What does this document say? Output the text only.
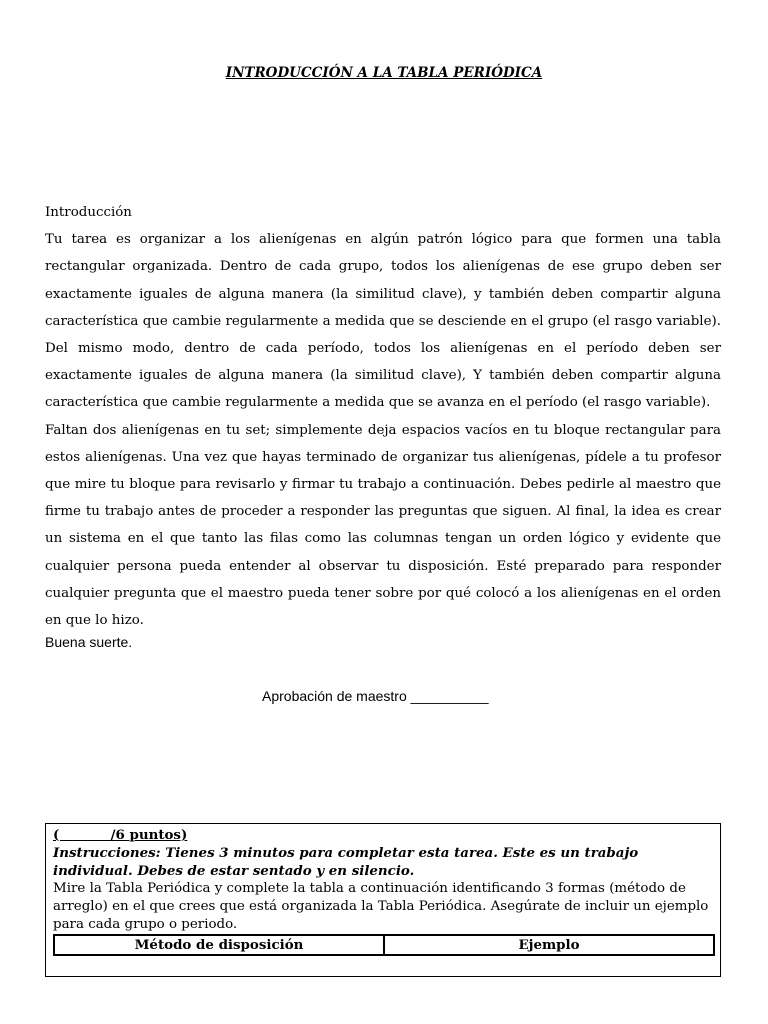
INTRODUCCIÓN A LA TABLA PERIÓDICA

Introducción

Tu tarea es organizar a los alienígenas en algún patrón lógico para que formen una tabla rectangular organizada. Dentro de cada grupo, todos los alienígenas de ese grupo deben ser exactamente iguales de alguna manera (la similitud clave), y también deben compartir alguna característica que cambie regularmente a medida que se desciende en el grupo (el rasgo variable). Del mismo modo, dentro de cada período, todos los alienígenas en el período deben ser exactamente iguales de alguna manera (la similitud clave), Y también deben compartir alguna característica que cambie regularmente a medida que se avanza en el período (el rasgo variable).

Faltan dos alienígenas en tu set; simplemente deja espacios vacíos en tu bloque rectangular para estos alienígenas. Una vez que hayas terminado de organizar tus alienígenas, pídele a tu profesor que mire tu bloque para revisarlo y firmar tu trabajo a continuación. Debes pedirle al maestro que firme tu trabajo antes de proceder a responder las preguntas que siguen. Al final, la idea es crear un sistema en el que tanto las filas como las columnas tengan un orden lógico y evidente que cualquier persona pueda entender al observar tu disposición. Esté preparado para responder cualquier pregunta que el maestro pueda tener sobre por qué colocó a los alienígenas en el orden en que lo hizo.

Buena suerte.
Aprobación de maestro __________
(           /6 puntos)
Instrucciones: Tienes 3 minutos para completar esta tarea. Este es un trabajo individual. Debes de estar sentado y en silencio.
Mire la Tabla Periódica y complete la tabla a continuación identificando 3 formas (método de arreglo) en el que crees que está organizada la Tabla Periódica. Asegúrate de incluir un ejemplo para cada grupo o periodo.
Método de disposición	Ejemplo
